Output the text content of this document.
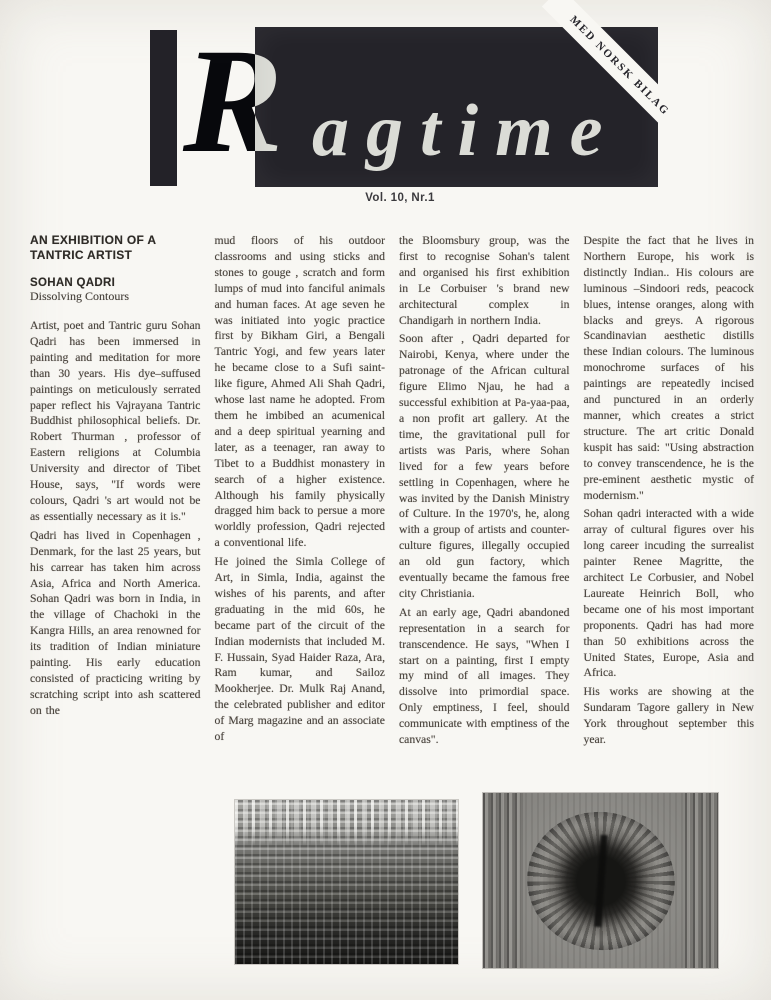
R agtime
MED NORSK BILAG
Vol. 10, Nr.1

AN EXHIBITION OF A TANTRIC ARTIST

SOHAN QADRI

Dissolving Contours

Artist, poet and Tantric guru Sohan Qadri has been immersed in painting and meditation for more than 30 years. His dye–suffused paintings on meticulously serrated paper reflect his Vajrayana Tantric Buddhist philosophical beliefs. Dr. Robert Thurman , professor of Eastern religions at Columbia University and director of Tibet House, says, "If words were colours, Qadri 's art would not be as essentially necessary as it is."

Qadri has lived in Copenhagen , Denmark, for the last 25 years, but his carrear has taken him across Asia, Africa and North America. Sohan Qadri was born in India, in the village of Chachoki in the Kangra Hills, an area renowned for its tradition of Indian miniature painting. His early education consisted of practicing writing by scratching script into ash scattered on the

mud floors of his outdoor classrooms and using sticks and stones to gouge , scratch and form lumps of mud into fanciful animals and human faces. At age seven he was initiated into yogic practice first by Bikham Giri, a Bengali Tantric Yogi, and few years later he became close to a Sufi saint-like figure, Ahmed Ali Shah Qadri, whose last name he adopted. From them he imbibed an acumenical and a deep spiritual yearning and later, as a teenager, ran away to Tibet to a Buddhist monastery in search of a higher existence. Although his family physically dragged him back to persue a more worldly profession, Qadri rejected a conventional life.

He joined the Simla College of Art, in Simla, India, against the wishes of his parents, and after graduating in the mid 60s, he became part of the circuit of the Indian modernists that included M. F. Hussain, Syad Haider Raza, Ara, Ram kumar, and Sailoz Mookherjee. Dr. Mulk Raj Anand, the celebrated publisher and editor of Marg magazine and an associate of

the Bloomsbury group, was the first to recognise Sohan's talent and organised his first exhibition in Le Corbuiser 's brand new architectural complex in Chandigarh in northern India.

Soon after , Qadri departed for Nairobi, Kenya, where under the patronage of the African cultural figure Elimo Njau, he had a successful exhibition at Pa-yaa-paa, a non profit art gallery. At the time, the gravitational pull for artists was Paris, where Sohan lived for a few years before settling in Copenhagen, where he was invited by the Danish Ministry of Culture. In the 1970's, he, along with a group of artists and counter-culture figures, illegally occupied an old gun factory, which eventually became the famous free city Christiania.

At an early age, Qadri abandoned representation in a search for transcendence. He says, "When I start on a painting, first I empty my mind of all images. They dissolve into primordial space. Only emptiness, I feel, should communicate with emptiness of the canvas".

Despite the fact that he lives in Northern Europe, his work is distinctly Indian.. His colours are luminous –Sindoori reds, peacock blues, intense oranges, along with blacks and greys. A rigorous Scandinavian aesthetic distills these Indian colours. The luminous monochrome surfaces of his paintings are repeatedly incised and punctured in an orderly manner, which creates a strict structure. The art critic Donald kuspit has said: "Using abstraction to convey transcendence, he is the pre-eminent aesthetic mystic of modernism."

Sohan qadri interacted with a wide array of cultural figures over his long career incuding the surrealist painter Renee Magritte, the architect Le Corbusier, and Nobel Laureate Heinrich Boll, who became one of his most important proponents. Qadri has had more than 50 exhibitions across the United States, Europe, Asia and Africa.

His works are showing at the Sundaram Tagore gallery in New York throughout september this year.
